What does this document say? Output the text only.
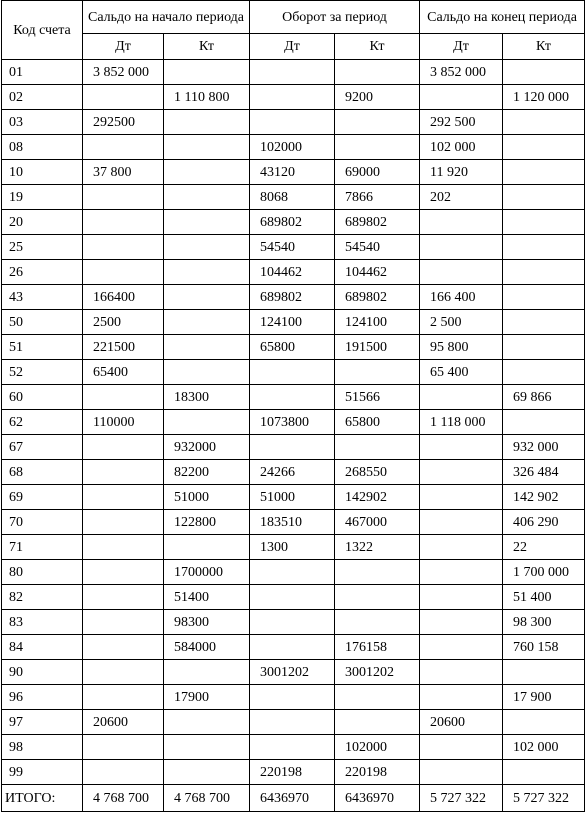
Код счета	Сальдо на начало периода		Оборот за период		Сальдо на конец периода	
	Дт	Кт	Дт	Кт	Дт	Кт
01	3 852 000				3 852 000	
02		1 110 800		9200		1 120 000
03	292500				292 500	
08			102000		102 000	
10	37 800		43120	69000	11 920	
19			8068	7866	202	
20			689802	689802		
25			54540	54540		
26			104462	104462		
43	166400		689802	689802	166 400	
50	2500		124100	124100	2 500	
51	221500		65800	191500	95 800	
52	65400				65 400	
60		18300		51566		69 866
62	110000		1073800	65800	1 118 000	
67		932000				932 000
68		82200	24266	268550		326 484
69		51000	51000	142902		142 902
70		122800	183510	467000		406 290
71			1300	1322		22
80		1700000				1 700 000
82		51400				51 400
83		98300				98 300
84		584000		176158		760 158
90			3001202	3001202		
96		17900				17 900
97	20600				20600	
98				102000		102 000
99			220198	220198		
ИТОГО:	4 768 700	4 768 700	6436970	6436970	5 727 322	5 727 322
